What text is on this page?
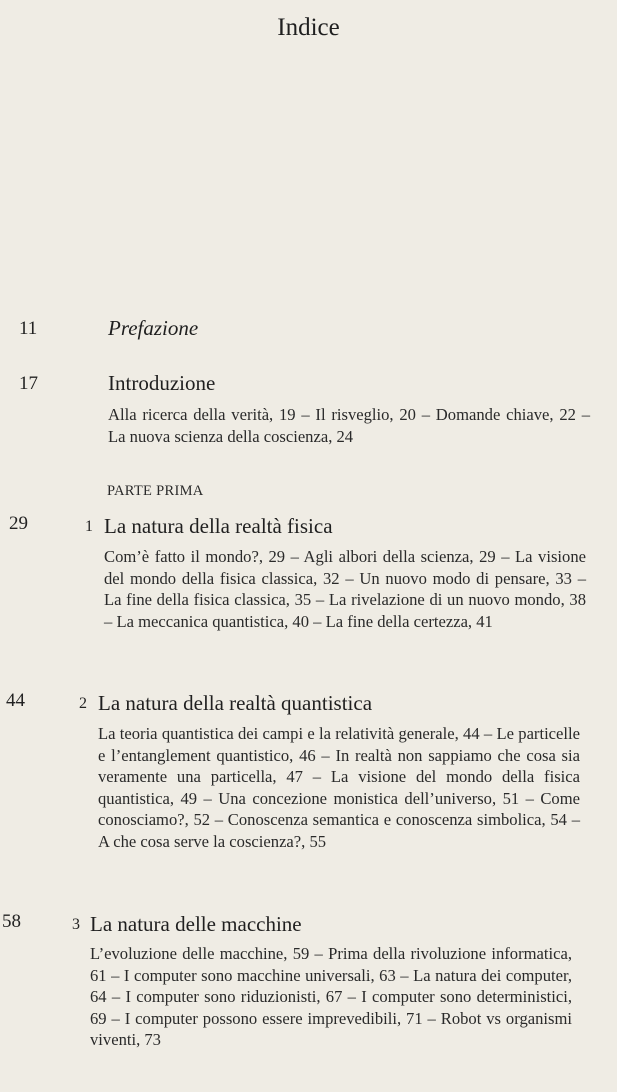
Indice
11	Prefazione
17	Introduzione
Alla ricerca della verità, 19 – Il risveglio, 20 – Domande chiave, 22 – La nuova scienza della coscienza, 24
PARTE PRIMA
29	1 La natura della realtà fisica
Com’è fatto il mondo?, 29 – Agli albori della scienza, 29 – La visione del mondo della fisica classica, 32 – Un nuovo modo di pensare, 33 – La fine della fisica classica, 35 – La rivelazione di un nuovo mondo, 38 – La meccanica quantistica, 40 – La fine della certezza, 41
44	2 La natura della realtà quantistica
La teoria quantistica dei campi e la relatività generale, 44 – Le particelle e l’entanglement quantistico, 46 – In realtà non sappiamo che cosa sia veramente una particella, 47 – La visione del mondo della fisica quantistica, 49 – Una concezione monistica dell’universo, 51 – Come conosciamo?, 52 – Conoscenza semantica e conoscenza simbolica, 54 – A che cosa serve la coscienza?, 55
58	3 La natura delle macchine
L’evoluzione delle macchine, 59 – Prima della rivoluzione informatica, 61 – I computer sono macchine universali, 63 – La natura dei computer, 64 – I computer sono riduzionisti, 67 – I computer sono deterministici, 69 – I computer possono essere imprevedibili, 71 – Robot vs organismi viventi, 73
